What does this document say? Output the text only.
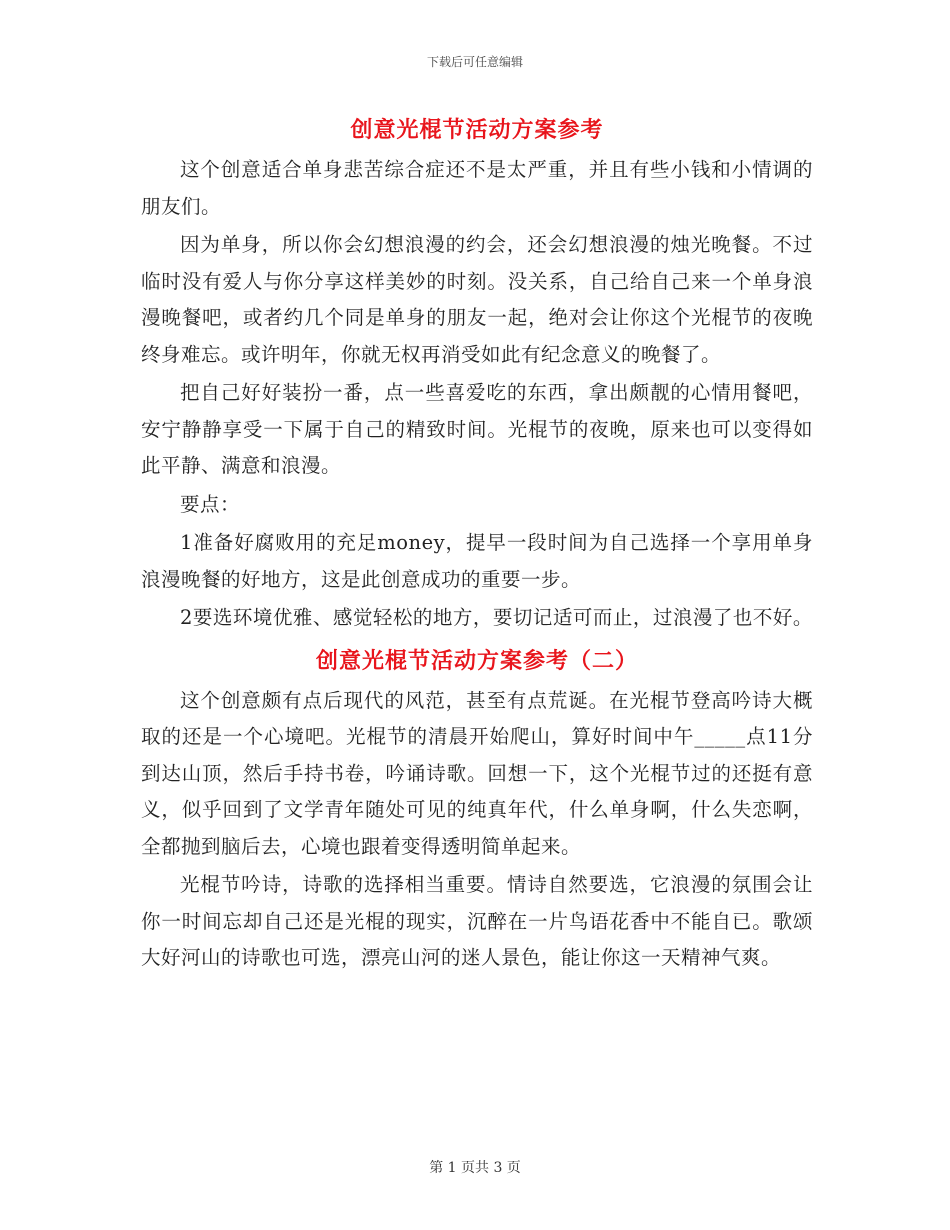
下载后可任意编辑
创意光棍节活动方案参考

这个创意适合单身悲苦综合症还不是太严重，并且有些小钱和小情调的朋友们。

因为单身，所以你会幻想浪漫的约会，还会幻想浪漫的烛光晚餐。不过临时没有爱人与你分享这样美妙的时刻。没关系，自己给自己来一个单身浪漫晚餐吧，或者约几个同是单身的朋友一起，绝对会让你这个光棍节的夜晚终身难忘。或许明年，你就无权再消受如此有纪念意义的晚餐了。

把自己好好装扮一番，点一些喜爱吃的东西，拿出颇靓的心情用餐吧，安宁静静享受一下属于自己的精致时间。光棍节的夜晚，原来也可以变得如此平静、满意和浪漫。

要点：

1准备好腐败用的充足money，提早一段时间为自己选择一个享用单身浪漫晚餐的好地方，这是此创意成功的重要一步。

2要选环境优雅、感觉轻松的地方，要切记适可而止，过浪漫了也不好。

创意光棍节活动方案参考（二）

这个创意颇有点后现代的风范，甚至有点荒诞。在光棍节登高吟诗大概取的还是一个心境吧。光棍节的清晨开始爬山，算好时间中午_____点11分到达山顶，然后手持书卷，吟诵诗歌。回想一下，这个光棍节过的还挺有意义，似乎回到了文学青年随处可见的纯真年代，什么单身啊，什么失恋啊，全都抛到脑后去，心境也跟着变得透明简单起来。

光棍节吟诗，诗歌的选择相当重要。情诗自然要选，它浪漫的氛围会让你一时间忘却自己还是光棍的现实，沉醉在一片鸟语花香中不能自已。歌颂大好河山的诗歌也可选，漂亮山河的迷人景色，能让你这一天精神气爽。

第 1 页共 3 页
